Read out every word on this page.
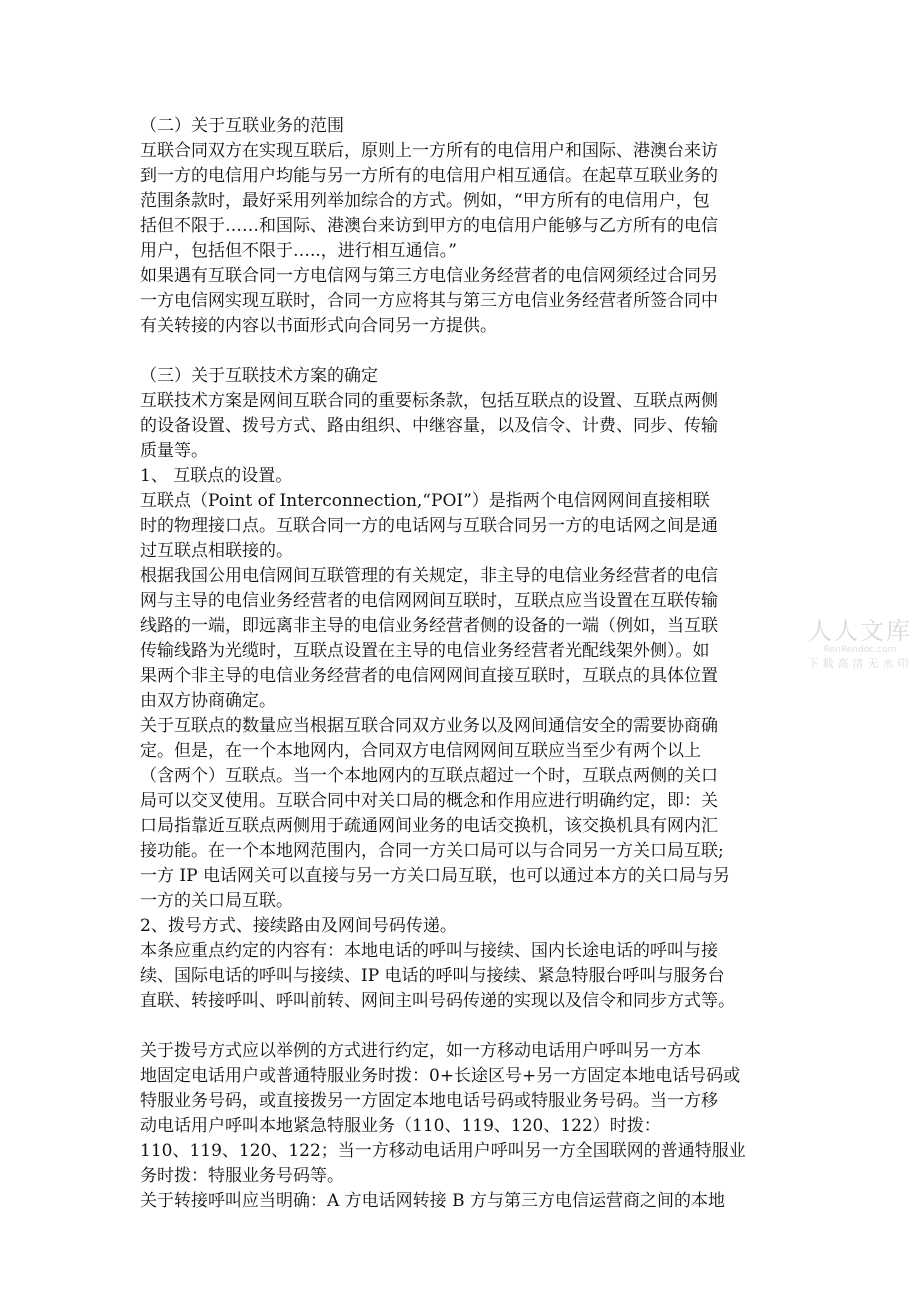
（二）关于互联业务的范围
互联合同双方在实现互联后，原则上一方所有的电信用户和国际、港澳台来访
到一方的电信用户均能与另一方所有的电信用户相互通信。在起草互联业务的
范围条款时，最好采用列举加综合的方式。例如，“甲方所有的电信用户，包
括但不限于……和国际、港澳台来访到甲方的电信用户能够与乙方所有的电信
用户，包括但不限于…..，进行相互通信。”
如果遇有互联合同一方电信网与第三方电信业务经营者的电信网须经过合同另
一方电信网实现互联时，合同一方应将其与第三方电信业务经营者所签合同中
有关转接的内容以书面形式向合同另一方提供。
（三）关于互联技术方案的确定
互联技术方案是网间互联合同的重要标条款，包括互联点的设置、互联点两侧
的设备设置、拨号方式、路由组织、中继容量，以及信令、计费、同步、传输
质量等。
1、 互联点的设置。
互联点（Point of Interconnection,“POI”）是指两个电信网网间直接相联
时的物理接口点。互联合同一方的电话网与互联合同另一方的电话网之间是通
过互联点相联接的。
根据我国公用电信网间互联管理的有关规定，非主导的电信业务经营者的电信
网与主导的电信业务经营者的电信网网间互联时，互联点应当设置在互联传输
线路的一端，即远离非主导的电信业务经营者侧的设备的一端（例如，当互联
传输线路为光缆时，互联点设置在主导的电信业务经营者光配线架外侧）。如
果两个非主导的电信业务经营者的电信网网间直接互联时，互联点的具体位置
由双方协商确定。
关于互联点的数量应当根据互联合同双方业务以及网间通信安全的需要协商确
定。但是，在一个本地网内，合同双方电信网网间互联应当至少有两个以上
（含两个）互联点。当一个本地网内的互联点超过一个时，互联点两侧的关口
局可以交叉使用。互联合同中对关口局的概念和作用应进行明确约定，即：关
口局指靠近互联点两侧用于疏通网间业务的电话交换机，该交换机具有网内汇
接功能。在一个本地网范围内，合同一方关口局可以与合同另一方关口局互联;
一方 IP 电话网关可以直接与另一方关口局互联，也可以通过本方的关口局与另
一方的关口局互联。
2、拨号方式、接续路由及网间号码传递。
本条应重点约定的内容有：本地电话的呼叫与接续、国内长途电话的呼叫与接
续、国际电话的呼叫与接续、IP 电话的呼叫与接续、紧急特服台呼叫与服务台
直联、转接呼叫、呼叫前转、网间主叫号码传递的实现以及信令和同步方式等。
关于拨号方式应以举例的方式进行约定，如一方移动电话用户呼叫另一方本
地固定电话用户或普通特服业务时拨：0+长途区号+另一方固定本地电话号码或
特服业务号码，或直接拨另一方固定本地电话号码或特服业务号码。当一方移
动电话用户呼叫本地紧急特服业务（110、119、120、122）时拨：
110、119、120、122；当一方移动电话用户呼叫另一方全国联网的普通特服业
务时拨：特服业务号码等。
关于转接呼叫应当明确：A 方电话网转接 B 方与第三方电信运营商之间的本地
人人文库
RenRendoc.com
下载高清无水印
